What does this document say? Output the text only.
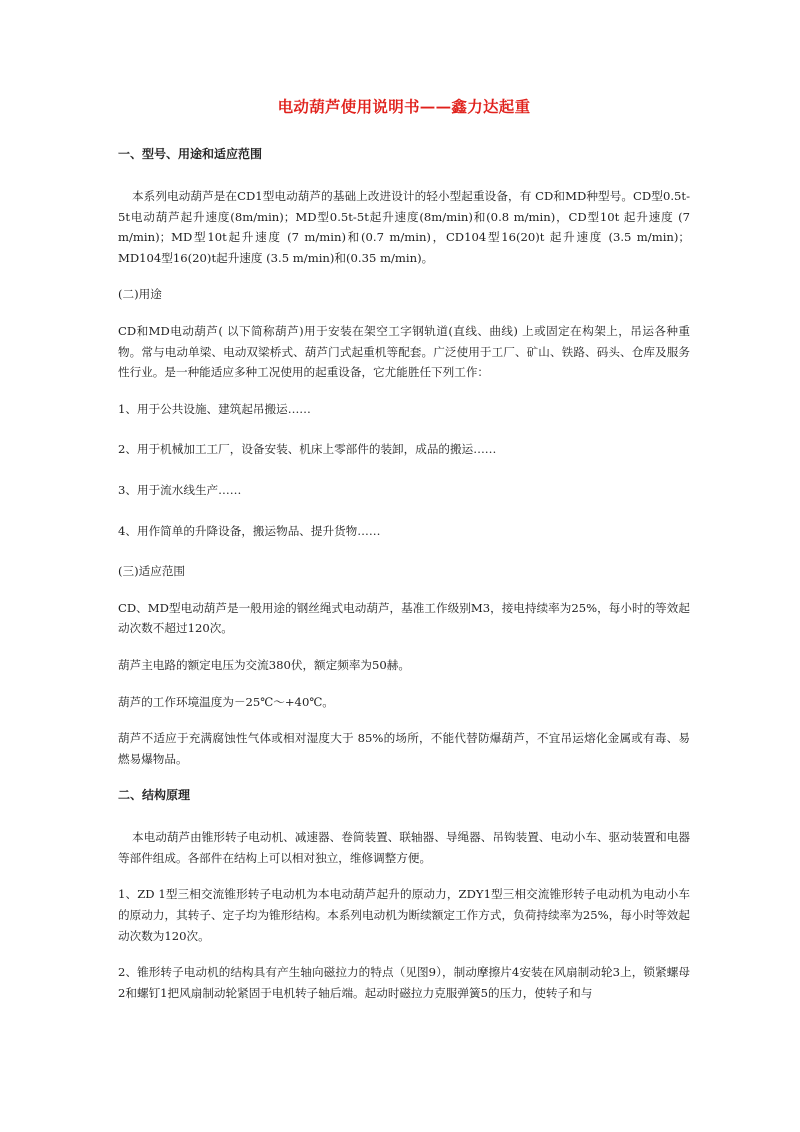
电动葫芦使用说明书——鑫力达起重
一、型号、用途和适应范围

本系列电动葫芦是在CD1型电动葫芦的基础上改进设计的轻小型起重设备，有 CD和MD种型号。CD型0.5t-5t电动葫芦起升速度(8m/min)；MD型0.5t-5t起升速度(8m/min)和(0.8 m/min)，CD型10t 起升速度 (7 m/min)；MD型10t起升速度 (7 m/min)和(0.7 m/min)，CD104型16(20)t 起升速度 (3.5 m/min)；MD104型16(20)t起升速度 (3.5 m/min)和(0.35 m/min)。

(二)用途

CD和MD电动葫芦( 以下简称葫芦)用于安装在架空工字钢轨道(直线、曲线) 上或固定在构架上，吊运各种重物。常与电动单梁、电动双梁桥式、葫芦门式起重机等配套。广泛使用于工厂、矿山、铁路、码头、仓库及服务性行业。是一种能适应多种工况使用的起重设备，它尤能胜任下列工作：

1、用于公共设施、建筑起吊搬运……

2、用于机械加工工厂，设备安装、机床上零部件的装卸，成品的搬运……

3、用于流水线生产……

4、用作简单的升降设备，搬运物品、提升货物……

(三)适应范围

CD、MD型电动葫芦是一般用途的钢丝绳式电动葫芦，基准工作级别M3，接电持续率为25%，每小时的等效起动次数不超过120次。

葫芦主电路的额定电压为交流380伏，额定频率为50赫。

葫芦的工作环境温度为－25℃～+40℃。

葫芦不适应于充满腐蚀性气体或相对湿度大于 85%的场所，不能代替防爆葫芦，不宜吊运熔化金属或有毒、易燃易爆物品。

二、结构原理

本电动葫芦由锥形转子电动机、减速器、卷筒装置、联轴器、导绳器、吊钩装置、电动小车、驱动装置和电器等部件组成。各部件在结构上可以相对独立，维修调整方便。

1、ZD 1型三相交流锥形转子电动机为本电动葫芦起升的原动力，ZDY1型三相交流锥形转子电动机为电动小车的原动力，其转子、定子均为锥形结构。本系列电动机为断续额定工作方式，负荷持续率为25%，每小时等效起动次数为120次。

2、锥形转子电动机的结构具有产生轴向磁拉力的特点（见图9），制动摩擦片4安装在风扇制动轮3上，锁紧螺母2和螺钉1把风扇制动轮紧固于电机转子轴后端。起动时磁拉力克服弹簧5的压力，使转子和与
